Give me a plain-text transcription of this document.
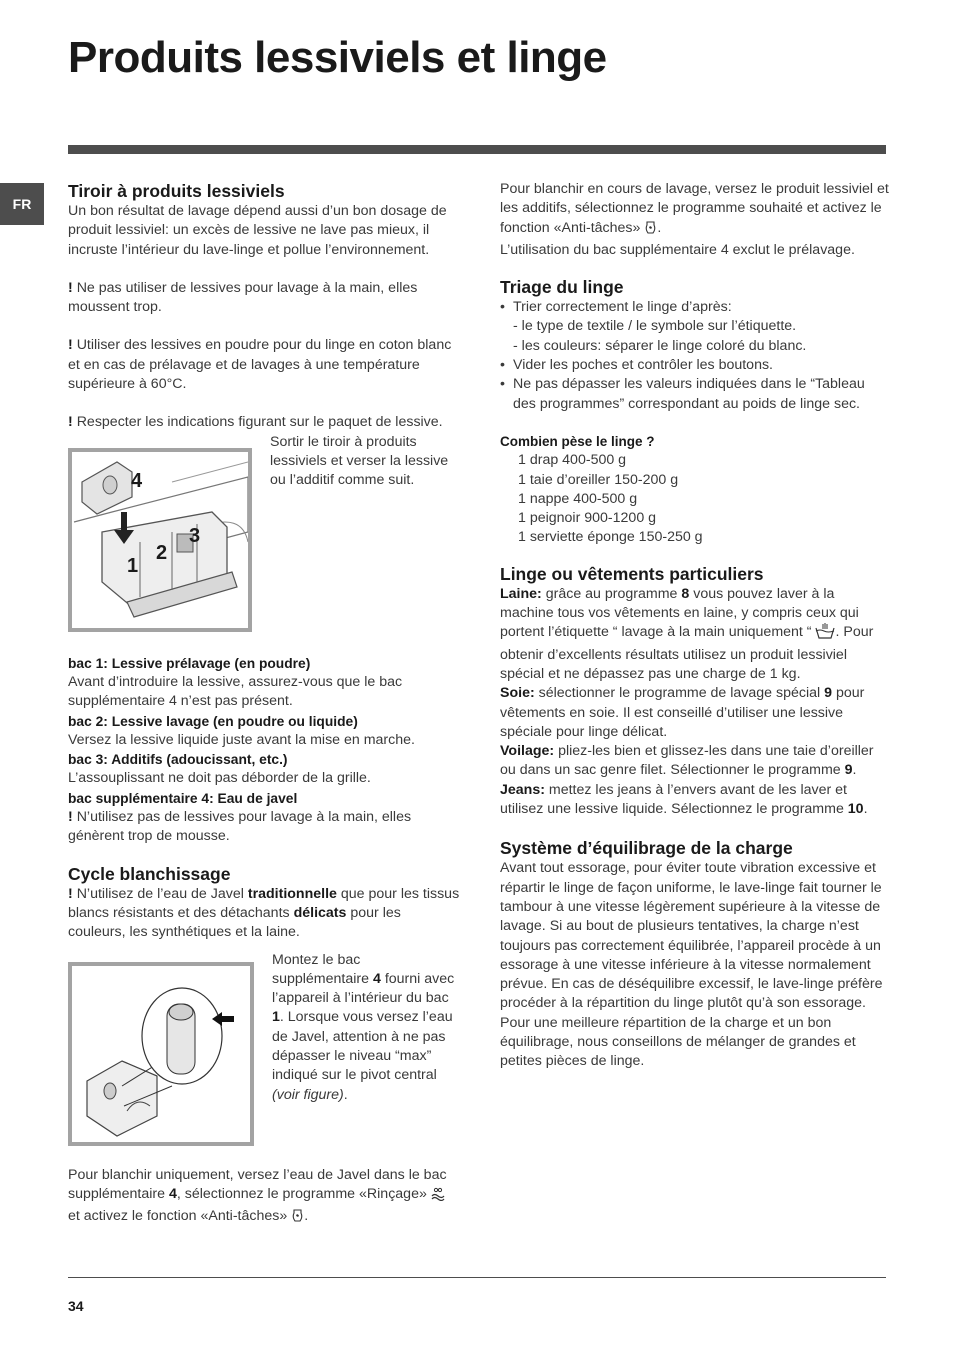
Produits lessiviels et linge
FR
Tiroir à produits lessiviels

Un bon résultat de lavage dépend aussi d’un bon dosage de produit lessiviel: un excès de lessive ne lave pas mieux, il incruste l’intérieur du lave-linge et pollue l’environnement.

! Ne pas utiliser de lessives pour lavage à la main, elles moussent trop.

! Utiliser des lessives en poudre pour du linge en coton blanc et en cas de prélavage et de lavages à une température supérieure à 60°C.

! Respecter les indications figurant sur le paquet de lessive.

4
1
2
3

Sortir le tiroir à produits lessiviels et verser la lessive ou l’additif comme suit.

bac 1: Lessive prélavage (en poudre)

Avant d’introduire la lessive, assurez-vous que le bac supplémentaire 4 n’est pas présent.

bac 2: Lessive lavage (en poudre ou liquide)

Versez la lessive liquide juste avant la mise en marche.

bac 3: Additifs (adoucissant, etc.)

L’assouplissant ne doit pas déborder de la grille.

bac supplémentaire 4: Eau de javel

! N’utilisez pas de lessives pour lavage à la main, elles génèrent trop de mousse.

Cycle blanchissage

! N’utilisez de l’eau de Javel traditionnelle que pour les tissus blancs résistants et des détachants délicats pour les couleurs, les synthétiques et la laine.

Montez le bac supplémentaire 4 fourni avec l’appareil à l’intérieur du bac 1. Lorsque vous versez l’eau de Javel, attention à ne pas dépasser le niveau “max” indiqué sur le pivot central (voir figure).

Pour blanchir uniquement, versez l’eau de Javel dans le bac supplémentaire 4, sélectionnez le programme «Rinçage»  et activez le fonction «Anti-tâches» .

Pour blanchir en cours de lavage, versez le produit lessiviel et les additifs, sélectionnez le programme souhaité et activez le fonction «Anti-tâches» .

L’utilisation du bac supplémentaire 4 exclut le prélavage.

Triage du linge

• Trier correctement le linge d’après:

- le type de textile / le symbole sur l’étiquette.

- les couleurs: séparer le linge coloré du blanc.

• Vider les poches et contrôler les boutons.

• Ne pas dépasser les valeurs indiquées dans le “Tableau des programmes” correspondant au poids de linge sec.

Combien pèse le linge ?

1 drap 400-500 g

1 taie d’oreiller 150-200 g

1 nappe 400-500 g

1 peignoir 900-1200 g

1 serviette éponge 150-250 g

Linge ou vêtements particuliers

Laine: grâce au programme 8 vous pouvez laver à la machine tous vos vêtements en laine, y compris ceux qui portent l’étiquette “ lavage à la main uniquement “ . Pour obtenir d’excellents résultats utilisez un produit lessiviel spécial et ne dépassez pas une charge de 1 kg.

Soie: sélectionner le programme de lavage spécial 9 pour vêtements en soie. Il est conseillé d’utiliser une lessive spéciale pour linge délicat.

Voilage: pliez-les bien et glissez-les dans une taie d’oreiller ou dans un sac genre filet. Sélectionner le programme 9.

Jeans: mettez les jeans à l’envers avant de les laver et utilisez une lessive liquide. Sélectionnez le programme 10.

Système d’équilibrage de la charge

Avant tout essorage, pour éviter toute vibration excessive et répartir le linge de façon uniforme, le lave-linge fait tourner le tambour à une vitesse légèrement supérieure à la vitesse de lavage. Si au bout de plusieurs tentatives, la charge n’est toujours pas correctement équilibrée, l’appareil procède à un essorage à une vitesse inférieure à la vitesse normalement prévue. En cas de déséquilibre excessif, le lave-linge préfère procéder à la répartition du linge plutôt qu’à son essorage. Pour une meilleure répartition de la charge et un bon équilibrage, nous conseillons de mélanger de grandes et petites pièces de linge.

34
